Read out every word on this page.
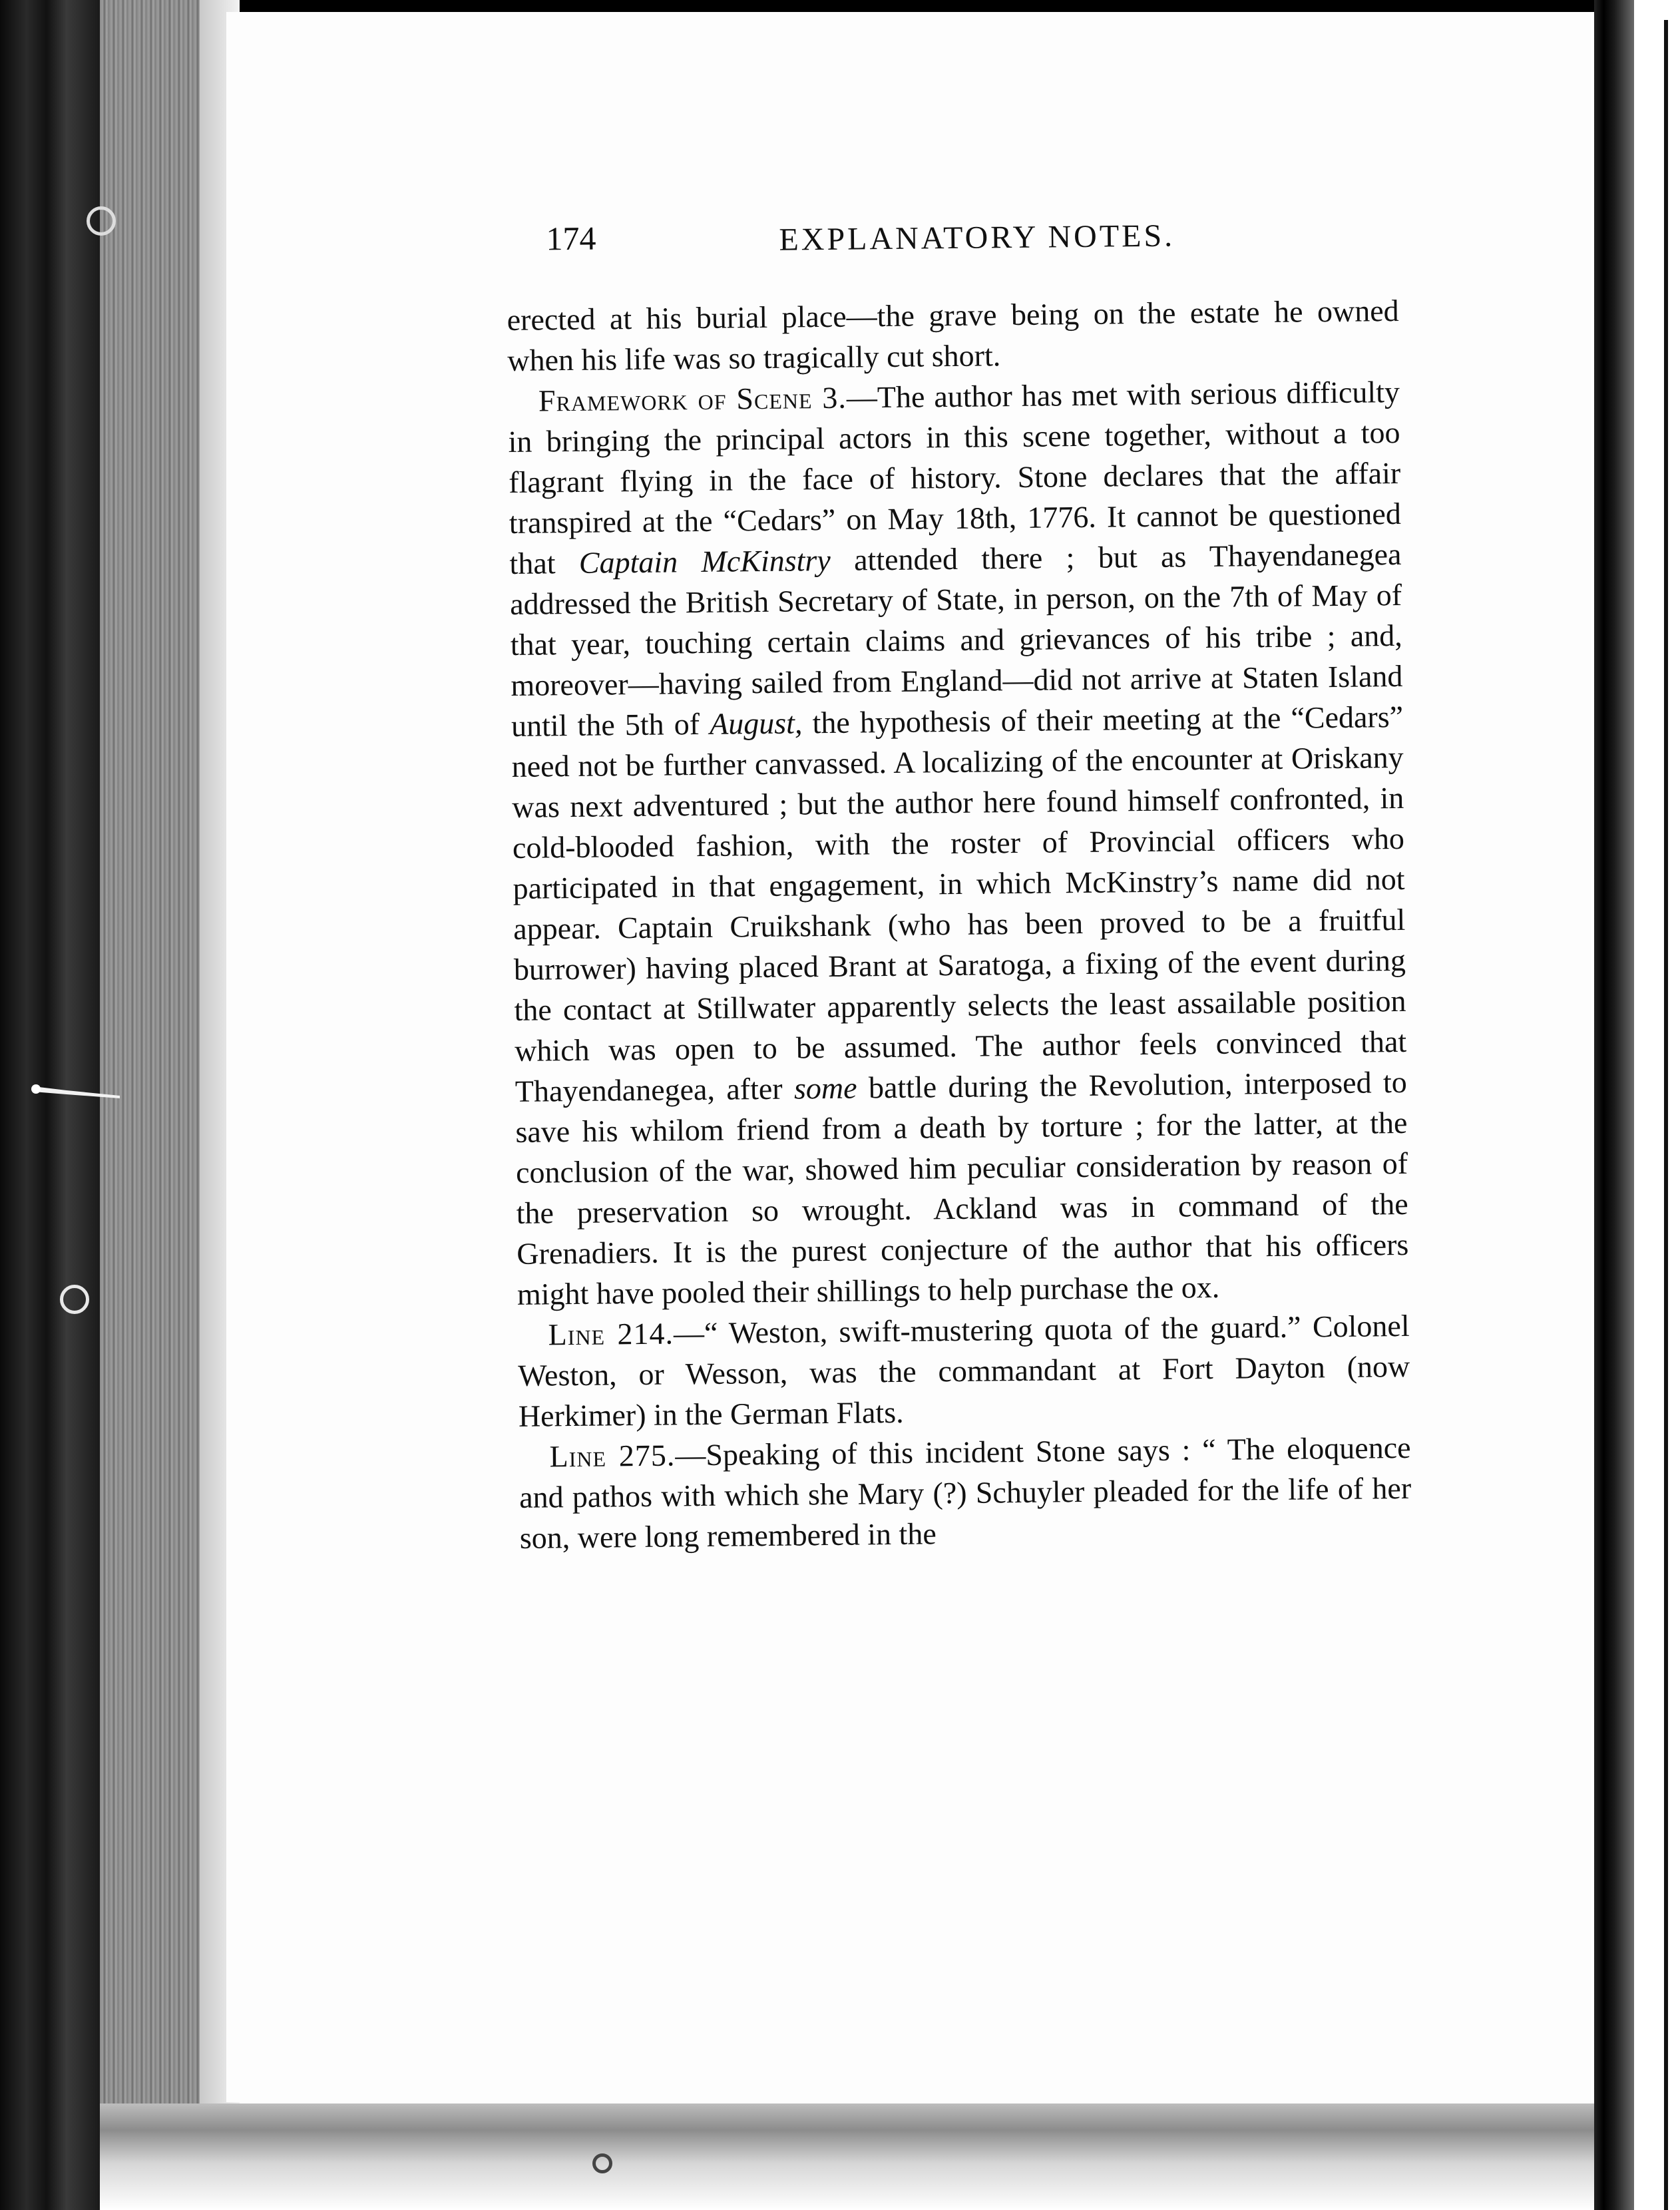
174	EXPLANATORY NOTES.

erected at his burial place—the grave being on the estate he owned when his life was so tragically cut short.

Framework of Scene 3.—The author has met with serious difficulty in bringing the principal actors in this scene together, without a too flagrant flying in the face of history. Stone declares that the affair transpired at the “Cedars” on May 18th, 1776. It cannot be questioned that Captain McKinstry attended there ; but as Thayendanegea addressed the British Secretary of State, in person, on the 7th of May of that year, touching certain claims and grievances of his tribe ; and, moreover—having sailed from England—did not arrive at Staten Island until the 5th of August, the hypothesis of their meeting at the “Cedars” need not be further canvassed. A localizing of the encounter at Oriskany was next adventured ; but the author here found himself confronted, in cold-blooded fashion, with the roster of Provincial officers who participated in that engagement, in which McKinstry’s name did not appear. Captain Cruikshank (who has been proved to be a fruitful burrower) having placed Brant at Saratoga, a fixing of the event during the contact at Stillwater apparently selects the least assailable position which was open to be assumed. The author feels convinced that Thayendanegea, after some battle during the Revolution, interposed to save his whilom friend from a death by torture ; for the latter, at the conclusion of the war, showed him peculiar consideration by reason of the preservation so wrought. Ackland was in command of the Grenadiers. It is the purest conjecture of the author that his officers might have pooled their shillings to help purchase the ox.

Line 214.—“ Weston, swift-mustering quota of the guard.” Colonel Weston, or Wesson, was the commandant at Fort Dayton (now Herkimer) in the German Flats.

Line 275.—Speaking of this incident Stone says : “ The eloquence and pathos with which she Mary (?) Schuyler pleaded for the life of her son, were long remembered in the
